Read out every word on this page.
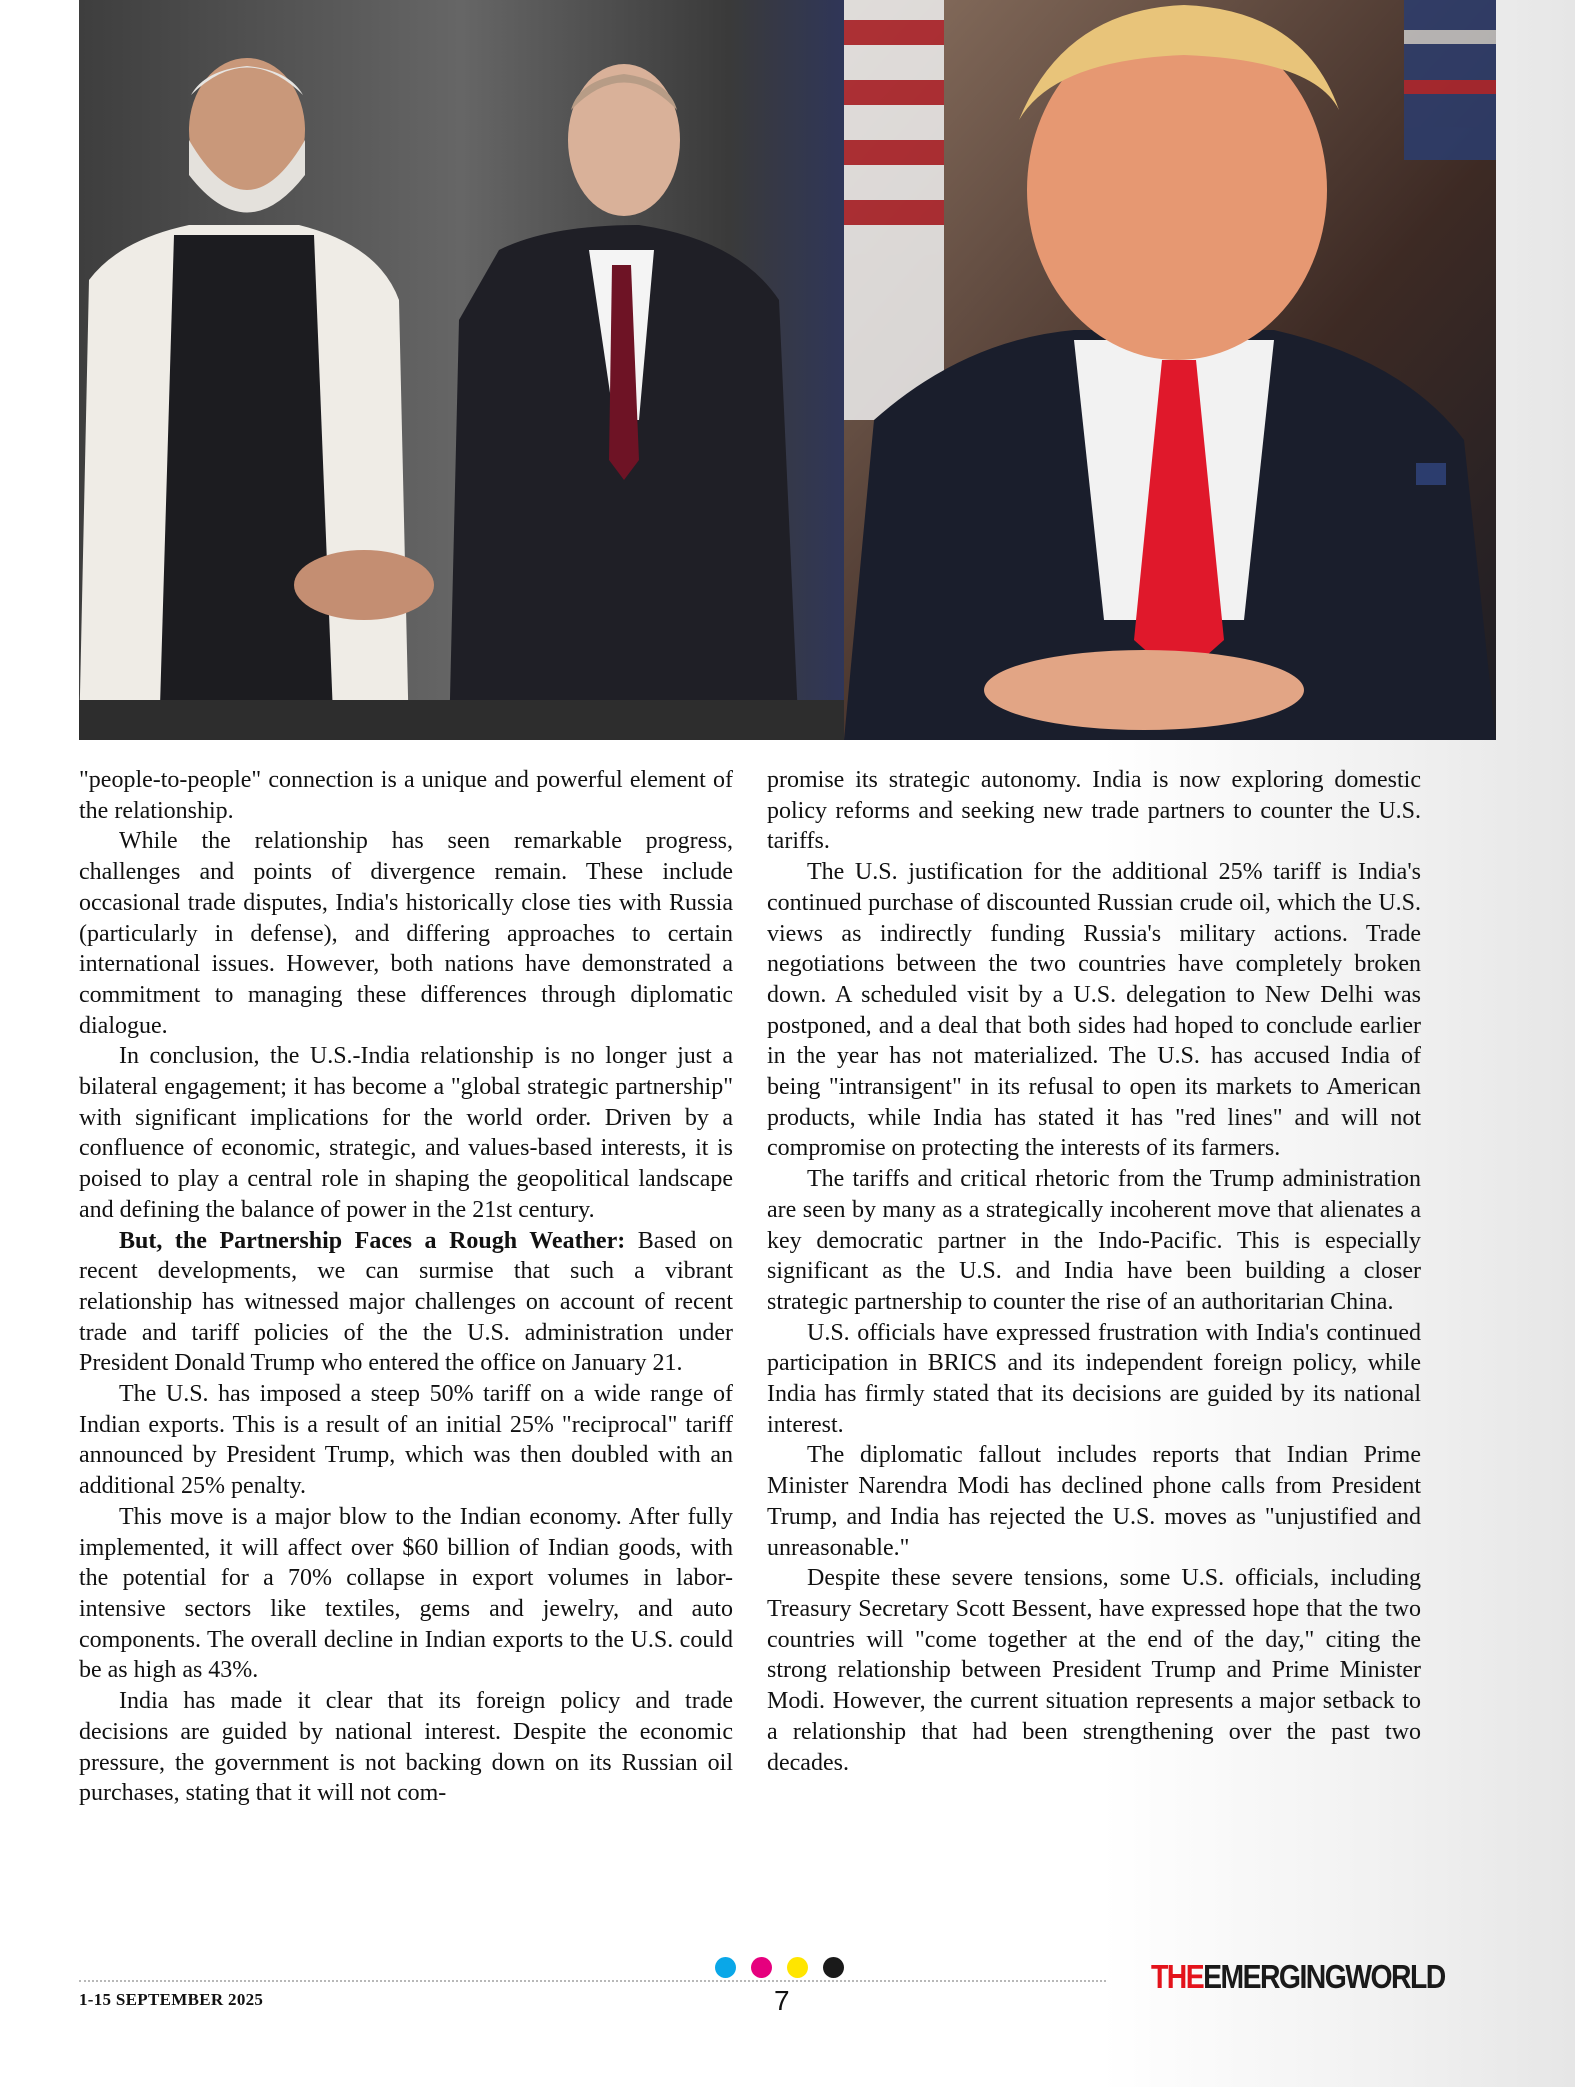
"people-to-people" connection is a unique and powerful element of the relationship.

While the relationship has seen remarkable progress, challenges and points of divergence remain. These include occasional trade disputes, India's historically close ties with Russia (particularly in defense), and differing approaches to certain international issues. However, both nations have demonstrated a commitment to managing these differences through diplomatic dialogue.

In conclusion, the U.S.-India relationship is no longer just a bilateral engagement; it has become a "global strategic partnership" with significant implications for the world order. Driven by a confluence of economic, strategic, and values-based interests, it is poised to play a central role in shaping the geopolitical landscape and defining the balance of power in the 21st century.

But, the Partnership Faces a Rough Weather: Based on recent developments, we can surmise that such a vibrant relationship has witnessed major challenges on account of recent trade and tariff policies of the the U.S. administration under President Donald Trump who entered the office on January 21.

The U.S. has imposed a steep 50% tariff on a wide range of Indian exports. This is a result of an initial 25% "reciprocal" tariff announced by President Trump, which was then doubled with an additional 25% penalty.

This move is a major blow to the Indian economy. After fully implemented, it will affect over $60 billion of Indian goods, with the potential for a 70% collapse in export volumes in labor-intensive sectors like textiles, gems and jewelry, and auto components. The overall decline in Indian exports to the U.S. could be as high as 43%.

India has made it clear that its foreign policy and trade decisions are guided by national interest. Despite the economic pressure, the government is not backing down on its Russian oil purchases, stating that it will not com-

promise its strategic autonomy. India is now exploring domestic policy reforms and seeking new trade partners to counter the U.S. tariffs.

The U.S. justification for the additional 25% tariff is India's continued purchase of discounted Russian crude oil, which the U.S. views as indirectly funding Russia's military actions. Trade negotiations between the two countries have completely broken down. A scheduled visit by a U.S. delegation to New Delhi was postponed, and a deal that both sides had hoped to conclude earlier in the year has not materialized. The U.S. has accused India of being "intransigent" in its refusal to open its markets to American products, while India has stated it has "red lines" and will not compromise on protecting the interests of its farmers.

The tariffs and critical rhetoric from the Trump administration are seen by many as a strategically incoherent move that alienates a key democratic partner in the Indo-Pacific. This is especially significant as the U.S. and India have been building a closer strategic partnership to counter the rise of an authoritarian China.

U.S. officials have expressed frustration with India's continued participation in BRICS and its independent foreign policy, while India has firmly stated that its decisions are guided by its national interest.

The diplomatic fallout includes reports that Indian Prime Minister Narendra Modi has declined phone calls from President Trump, and India has rejected the U.S. moves as "unjustified and unreasonable."

Despite these severe tensions, some U.S. officials, including Treasury Secretary Scott Bessent, have expressed hope that the two countries will "come together at the end of the day," citing the strong relationship between President Trump and Prime Minister Modi. However, the current situation represents a major setback to a relationship that had been strengthening over the past two decades.

1-15 SEPTEMBER 2025	7
THEEMERGINGWORLD
